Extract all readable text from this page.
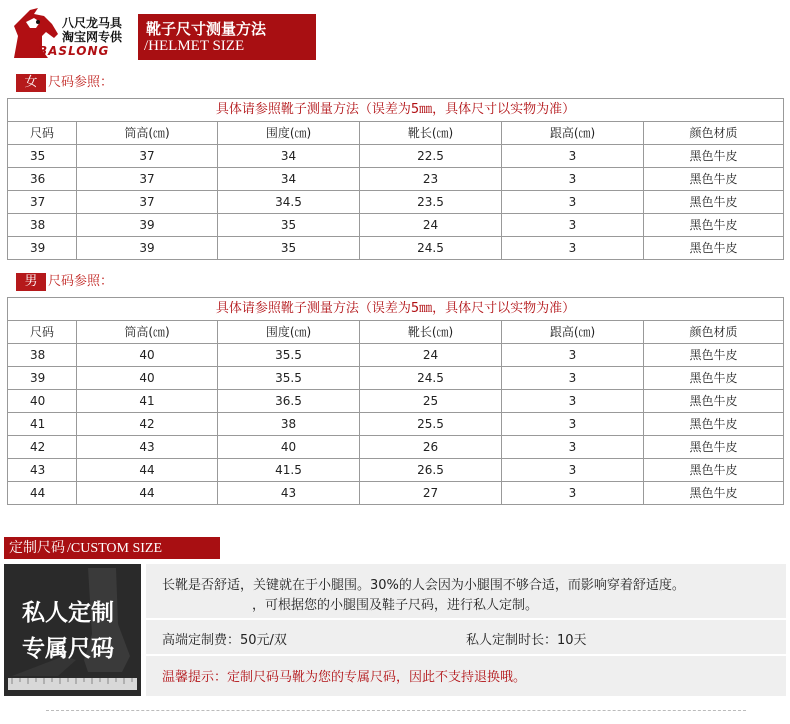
八尺龙马具
淘宝网专供
BASLONG
靴子尺寸测量方法
/HELMET SIZE
女 尺码参照：
具体请参照靴子测量方法（误差为5㎜，具体尺寸以实物为准）					
尺码	筒高(㎝)	围度(㎝)	靴长(㎝)	跟高(㎝)	颜色材质
35	37	34	22.5	3	黑色牛皮
36	37	34	23	3	黑色牛皮
37	37	34.5	23.5	3	黑色牛皮
38	39	35	24	3	黑色牛皮
39	39	35	24.5	3	黑色牛皮
男 尺码参照：
具体请参照靴子测量方法（误差为5㎜，具体尺寸以实物为准）					
尺码	筒高(㎝)	围度(㎝)	靴长(㎝)	跟高(㎝)	颜色材质
38	40	35.5	24	3	黑色牛皮
39	40	35.5	24.5	3	黑色牛皮
40	41	36.5	25	3	黑色牛皮
41	42	38	25.5	3	黑色牛皮
42	43	40	26	3	黑色牛皮
43	44	41.5	26.5	3	黑色牛皮
44	44	43	27	3	黑色牛皮
定制尺码 /CUSTOM SIZE
私人定制
专属尺码
长靴是否舒适，关键就在于小腿围。30%的人会因为小腿围不够合适，而影响穿着舒适度。
，可根据您的小腿围及鞋子尺码，进行私人定制。
高端定制费：50元/双	私人定制时长：10天
温馨提示：定制尺码马靴为您的专属尺码，因此不支持退换哦。
